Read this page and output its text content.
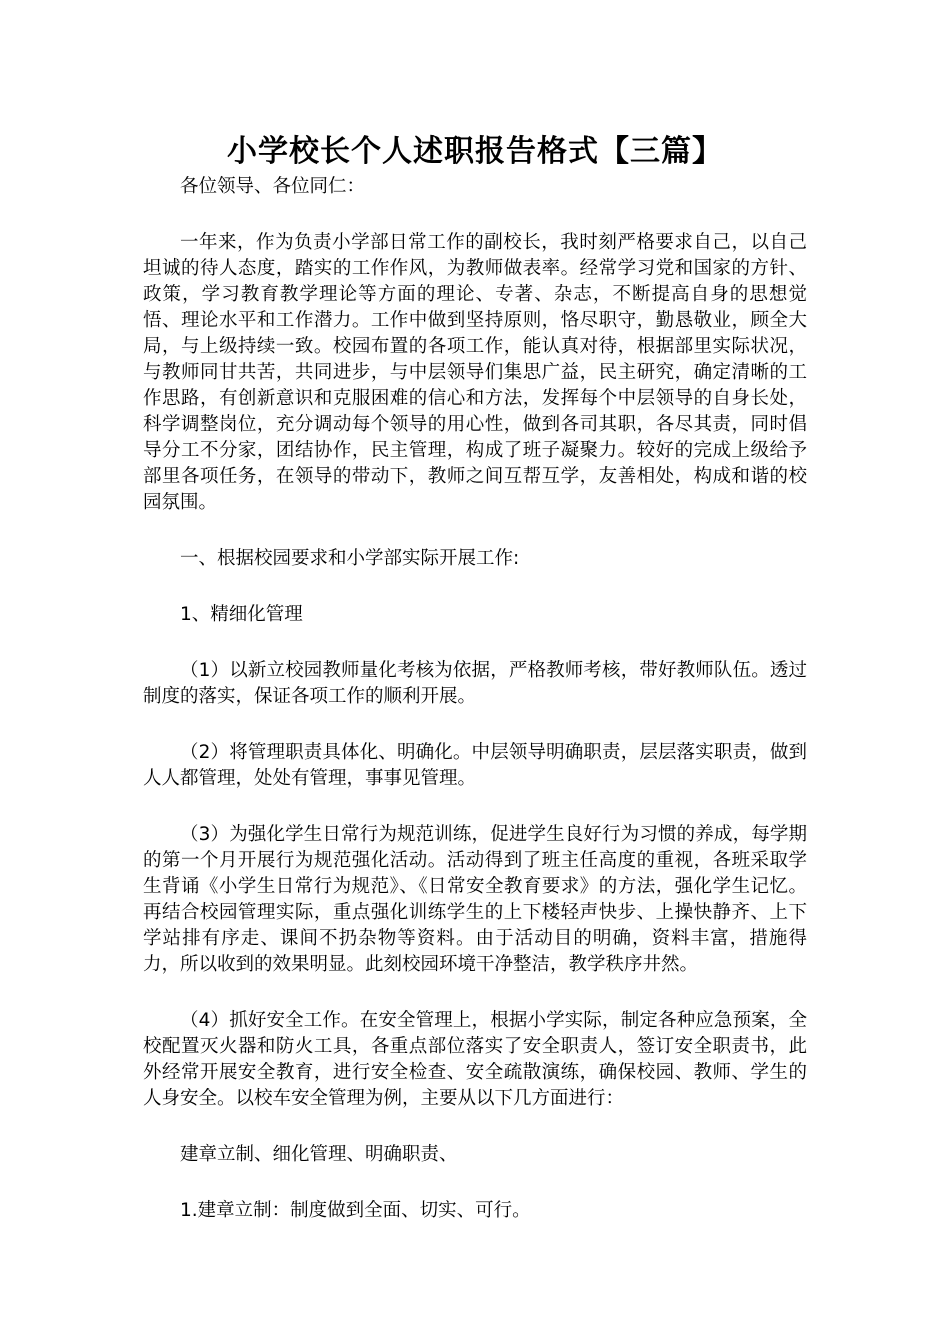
小学校长个人述职报告格式【三篇】

各位领导、各位同仁：

一年来，作为负责小学部日常工作的副校长，我时刻严格要求自己，以自己坦诚的待人态度，踏实的工作作风，为教师做表率。经常学习党和国家的方针、政策，学习教育教学理论等方面的理论、专著、杂志，不断提高自身的思想觉悟、理论水平和工作潜力。工作中做到坚持原则，恪尽职守，勤恳敬业，顾全大局，与上级持续一致。校园布置的各项工作，能认真对待，根据部里实际状况，与教师同甘共苦，共同进步，与中层领导们集思广益，民主研究，确定清晰的工作思路，有创新意识和克服困难的信心和方法，发挥每个中层领导的自身长处，科学调整岗位，充分调动每个领导的用心性，做到各司其职，各尽其责，同时倡导分工不分家，团结协作，民主管理，构成了班子凝聚力。较好的完成上级给予部里各项任务，在领导的带动下，教师之间互帮互学，友善相处，构成和谐的校园氛围。

一、根据校园要求和小学部实际开展工作:

1、精细化管理

（1）以新立校园教师量化考核为依据，严格教师考核，带好教师队伍。透过制度的落实，保证各项工作的顺利开展。

（2）将管理职责具体化、明确化。中层领导明确职责，层层落实职责，做到人人都管理，处处有管理，事事见管理。

（3）为强化学生日常行为规范训练，促进学生良好行为习惯的养成，每学期的第一个月开展行为规范强化活动。活动得到了班主任高度的重视，各班采取学生背诵《小学生日常行为规范》、《日常安全教育要求》的方法，强化学生记忆。再结合校园管理实际，重点强化训练学生的上下楼轻声快步、上操快静齐、上下学站排有序走、课间不扔杂物等资料。由于活动目的明确，资料丰富，措施得力，所以收到的效果明显。此刻校园环境干净整洁，教学秩序井然。

（4）抓好安全工作。在安全管理上，根据小学实际，制定各种应急预案，全校配置灭火器和防火工具，各重点部位落实了安全职责人，签订安全职责书，此外经常开展安全教育，进行安全检查、安全疏散演练，确保校园、教师、学生的人身安全。以校车安全管理为例，主要从以下几方面进行：

建章立制、细化管理、明确职责、

1.建章立制：制度做到全面、切实、可行。
